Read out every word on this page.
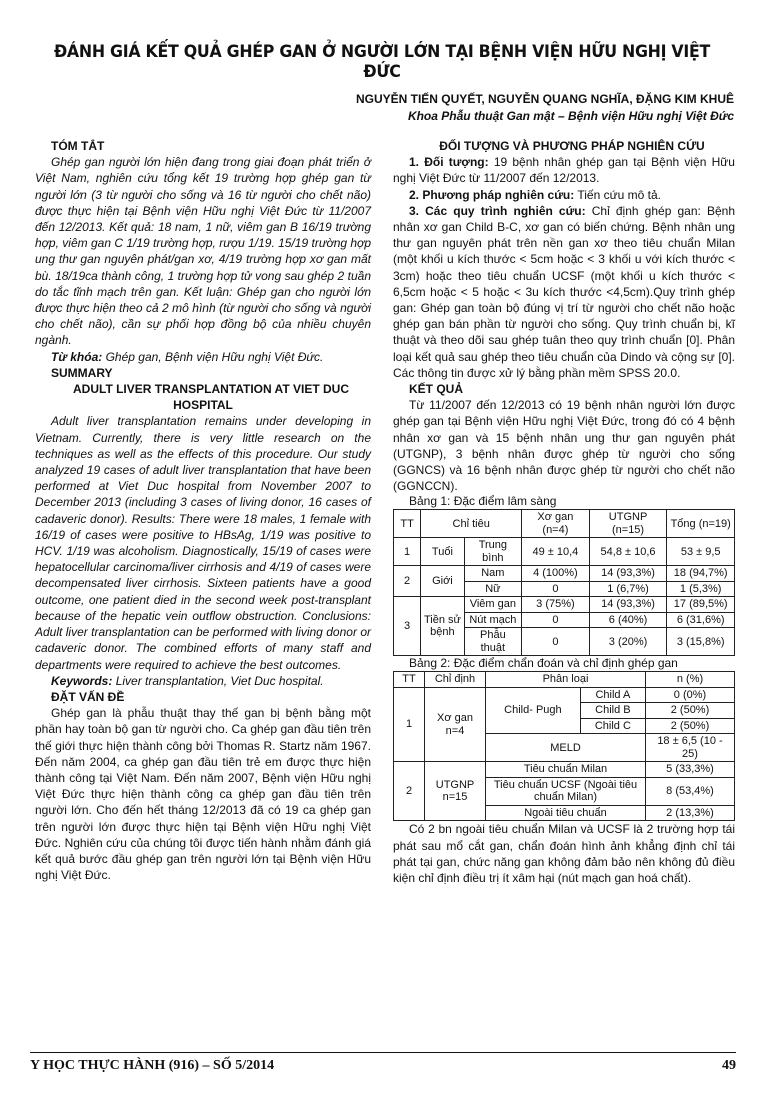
ĐÁNH GIÁ KẾT QUẢ GHÉP GAN Ở NGƯỜI LỚN TẠI BỆNH VIỆN HỮU NGHỊ VIỆT ĐỨC
NGUYỄN TIẾN QUYẾT, NGUYỄN QUANG NGHĨA, ĐẶNG KIM KHUÊ
Khoa Phẫu thuật Gan mật – Bệnh viện Hữu nghị Việt Đức

TÓM TẮT

Ghép gan người lớn hiện đang trong giai đoạn phát triển ở Việt Nam, nghiên cứu tổng kết 19 trường hợp ghép gan từ người lớn (3 từ người cho sống và 16 từ người cho chết não) được thực hiện tại Bệnh viện Hữu nghị Việt Đức từ 11/2007 đến 12/2013. Kết quả: 18 nam, 1 nữ, viêm gan B 16/19 trường hợp, viêm gan C 1/19 trường hợp, rượu 1/19. 15/19 trường hợp ung thư gan nguyên phát/gan xơ, 4/19 trường hợp xơ gan mất bù. 18/19ca thành công, 1 trường hợp tử vong sau ghép 2 tuần do tắc tĩnh mạch trên gan. Kết luận: Ghép gan cho người lớn được thực hiện theo cả 2 mô hình (từ người cho sống và người cho chết não), cần sự phối hợp đồng bộ của nhiều chuyên ngành.

Từ khóa: Ghép gan, Bệnh viện Hữu nghị Việt Đức.

SUMMARY

ADULT LIVER TRANSPLANTATION AT VIET DUC HOSPITAL

Adult liver transplantation remains under developing in Vietnam. Currently, there is very little research on the techniques as well as the effects of this procedure. Our study analyzed 19 cases of adult liver transplantation that have been performed at Viet Duc hospital from November 2007 to December 2013 (including 3 cases of living donor, 16 cases of cadaveric donor). Results: There were 18 males, 1 female with 16/19 of cases were positive to HBsAg, 1/19 was positive to HCV. 1/19 was alcoholism. Diagnostically, 15/19 of cases were hepatocellular carcinoma/liver cirrhosis and 4/19 of cases were decompensated liver cirrhosis. Sixteen patients have a good outcome, one patient died in the second week post-transplant because of the hepatic vein outflow obstruction. Conclusions: Adult liver transplantation can be performed with living donor or cadaveric donor. The combined efforts of many staff and departments were required to achieve the best outcomes.

Keywords: Liver transplantation, Viet Duc hospital.

ĐẶT VẤN ĐỀ

Ghép gan là phẫu thuật thay thế gan bị bệnh bằng một phần hay toàn bộ gan từ người cho. Ca ghép gan đầu tiên trên thế giới thực hiện thành công bởi Thomas R. Startz năm 1967. Đến năm 2004, ca ghép gan đầu tiên trẻ em được thực hiện thành công tại Việt Nam. Đến năm 2007, Bệnh viện Hữu nghị Việt Đức thực hiện thành công ca ghép gan đầu tiên trên người lớn. Cho đến hết tháng 12/2013 đã có 19 ca ghép gan trên người lớn được thực hiện tại Bệnh viện Hữu nghị Việt Đức. Nghiên cứu của chúng tôi được tiến hành nhằm đánh giá kết quả bước đầu ghép gan trên người lớn tại Bệnh viện Hữu nghị Việt Đức.

ĐỐI TƯỢNG VÀ PHƯƠNG PHÁP NGHIÊN CỨU

1. Đối tượng: 19 bệnh nhân ghép gan tại Bệnh viện Hữu nghị Việt Đức từ 11/2007 đến 12/2013.

2. Phương pháp nghiên cứu: Tiến cứu mô tả.

3. Các quy trình nghiên cứu: Chỉ định ghép gan: Bệnh nhân xơ gan Child B-C, xơ gan có biến chứng. Bệnh nhân ung thư gan nguyên phát trên nền gan xơ theo tiêu chuẩn Milan (một khối u kích thước < 5cm hoặc < 3 khối u với kích thước < 3cm) hoặc theo tiêu chuẩn UCSF (một khối u kích thước < 6,5cm hoặc < 5 hoặc < 3u kích thước <4,5cm).Quy trình ghép gan: Ghép gan toàn bộ đúng vị trí từ người cho chết não hoặc ghép gan bán phần từ người cho sống. Quy trình chuẩn bị, kĩ thuật và theo dõi sau ghép tuân theo quy trình chuẩn [0]. Phân loại kết quả sau ghép theo tiêu chuẩn của Dindo và cộng sự [0]. Các thông tin được xử lý bằng phần mềm SPSS 20.0.

KẾT QUẢ

Từ 11/2007 đến 12/2013 có 19 bệnh nhân người lớn được ghép gan tại Bệnh viện Hữu nghị Việt Đức, trong đó có 4 bệnh nhân xơ gan và 15 bệnh nhân ung thư gan nguyên phát (UTGNP), 3 bệnh nhân được ghép từ người cho sống (GGNCS) và 16 bệnh nhân được ghép từ người cho chết não (GGNCCN).

Bảng 1: Đặc điểm lâm sàng

TT	Chỉ tiêu		Xơ gan (n=4)	UTGNP (n=15)	Tổng (n=19)
1	Tuổi	Trung bình	49 ± 10,4	54,8 ± 10,6	53 ± 9,5
2	Giới	Nam	4 (100%)	14 (93,3%)	18 (94,7%)
		Nữ	0	1 (6,7%)	1 (5,3%)
3	Tiền sử bệnh	Viêm gan	3 (75%)	14 (93,3%)	17 (89,5%)
		Nút mạch	0	6 (40%)	6 (31,6%)
		Phẫu thuật	0	3 (20%)	3 (15,8%)

Bảng 2: Đặc điểm chẩn đoán và chỉ định ghép gan

TT	Chỉ định	Phân loại		n (%)
1	Xơ gan n=4	Child- Pugh	Child A	0 (0%)
			Child B	2 (50%)
			Child C	2 (50%)
		MELD		18 ± 6,5 (10 - 25)
2	UTGNP n=15	Tiêu chuẩn Milan		5 (33,3%)
		Tiêu chuẩn UCSF (Ngoài tiêu chuẩn Milan)		8 (53,4%)
		Ngoài tiêu chuẩn		2 (13,3%)

Có 2 bn ngoài tiêu chuẩn Milan và UCSF là 2 trường hợp tái phát sau mổ cắt gan, chẩn đoán hình ảnh khẳng định chỉ tái phát tại gan, chức năng gan không đảm bảo nên không đủ điều kiện chỉ định điều trị ít xâm hại (nút mạch gan hoá chất).

Y HỌC THỰC HÀNH (916) – SỐ 5/2014	49
